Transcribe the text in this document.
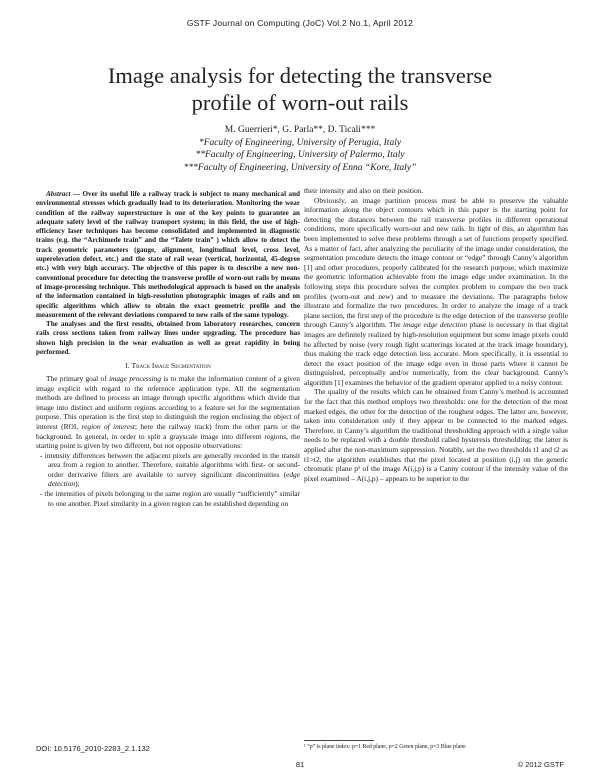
GSTF Journal on Computing (JoC) Vol.2 No.1, April 2012
Image analysis for detecting the transverse
profile of worn-out rails
M. Guerrieri*, G. Parla**, D. Ticali***
*Faculty of Engineering, University of Perugia, Italy
**Faculty of Engineering, University of Palermo, Italy
***Faculty of Engineering, University of Enna “Kore, Italy”

Abstract — Over its useful life a railway track is subject to many mechanical and environmental stresses which gradually lead to its deterioration. Monitoring the wear condition of the railway superstructure is one of the key points to guarantee an adequate safety level of the railway transport system; in this field, the use of high-efficiency laser techniques has become consolidated and implemented in diagnostic trains (e.g. the “Archimede train” and the “Talete train” ) which allow to detect the track geometric parameters (gauge, alignment, longitudinal level, cross level, superelevation defect, etc.) and the state of rail wear (vertical, horizontal, 45-degree etc.) with very high accuracy. The objective of this paper is to describe a new non-conventional procedure for detecting the transverse profile of worn-out rails by means of image-processing technique. This methodological approach is based on the analysis of the information contained in high-resolution photographic images of rails and on specific algorithms which allow to obtain the exact geometric profile and the measurement of the relevant deviations compared to new rails of the same typology.

The analyses and the first results, obtained from laboratory researches, concern rails cross sections taken from railway lines under upgrading. The procedure has shown high precision in the wear evaluation as well as great rapidity in being performed.

I. Track Image Segmentation

The primary goal of image processing is to make the information content of a given image explicit with regard to the reference application type. All the segmentation methods are defined to process an image through specific algorithms which divide that image into distinct and uniform regions according to a feature set for the segmentation purpose. This operation is the first step to distinguish the region enclosing the object of interest (ROI, region of interest; here the railway track) from the other parts or the background. In general, in order to split a grayscale image into different regions, the starting point is given by two different, but not opposite observations:

- intensity differences between the adjacent pixels are generally recorded in the transit area from a region to another. Therefore, suitable algorithms with first- or second-order derivative filters are available to survey significant discontinuities (edge detection);
- the intensities of pixels belonging to the same region are usually “sufficiently” similar to one another. Pixel similarity in a given region can be established depending on

their intensity and also on their position.

Obviously, an image partition process must be able to preserve the valuable information along the object contours which in this paper is the starting point for detecting the distances between the rail transverse profiles in different operational conditions, more specifically worn-out and new rails. In light of this, an algorithm has been implemented to solve these problems through a set of functions properly specified. As a matter of fact, after analyzing the peculiarity of the image under consideration, the segmentation procedure detects the image contour or “edge” through Canny’s algorithm [1] and other procedures, properly calibrated for the research purpose, which maximize the geometric information achievable from the image edge under examination. In the following steps this procedure solves the complex problem to compare the two track profiles (worn-out and new) and to measure the deviations. The paragraphs below illustrate and formalize the two procedures. In order to analyze the image of a track plane section, the first step of the procedure is the edge detection of the transverse profile through Canny’s algorithm. The image edge detection phase is necessary in that digital images are definitely realized by high-resolution equipment but some image pixels could be affected by noise (very rough light scatterings located at the track image boundary), thus making the track edge detection less accurate. More specifically, it is essential to detect the exact position of the image edge even in those parts where it cannot be distinguished, perceptually and/or numerically, from the clear background. Canny’s algorithm [1] examines the behavior of the gradient operator applied to a noisy contour.

The quality of the results which can be obtained from Canny’s method is accounted for the fact that this method employs two thresholds: one for the detection of the most marked edges, the other for the detection of the roughest edges. The latter are, however, taken into consideration only if they appear to be connected to the marked edges. Therefore, in Canny’s algorithm the traditional thresholding approach with a single value needs to be replaced with a double threshold called hysteresis thresholding; the latter is applied after the non-maximum suppression. Notably, set the two thresholds t1 and t2 as t1>t2, the algorithm establishes that the pixel located at position (i,j) on the generic chromatic plane p¹ of the image A(i,j,p) is a Canny contour if the intensity value of the pixel examined – A(i,j,p) – appears to be superior to the

¹ “p” is plane index: p=1 Red plane, p=2 Green plane, p=3 Blue plane
DOI: 10.5176_2010-2283_2.1.132
81	© 2012 GSTF
